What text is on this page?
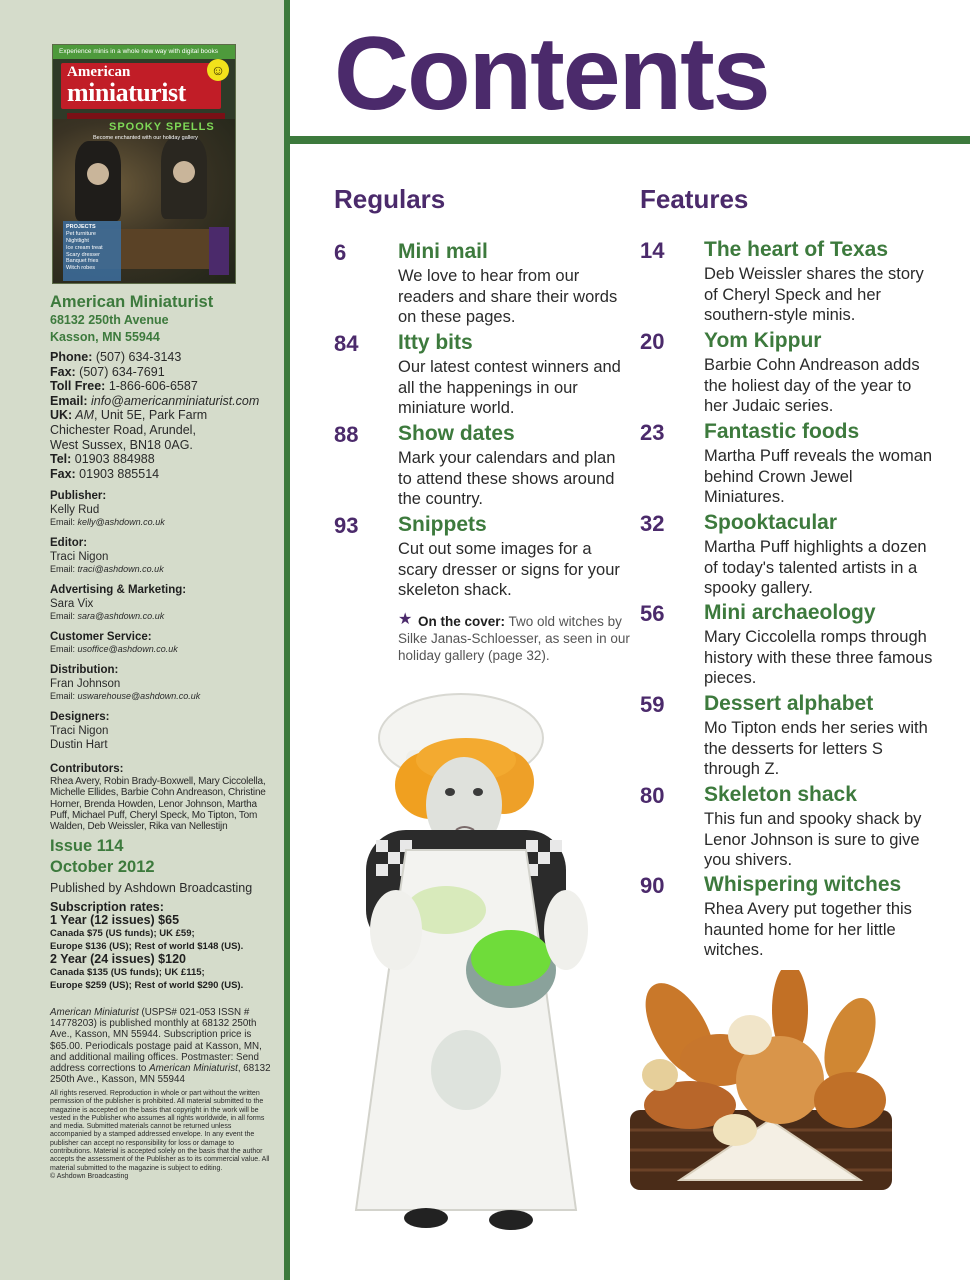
Experience minis in a whole new way with digital books
American
miniaturist
☺
SPOOKY SPELLS
Become enchanted with our holiday gallery
PROJECTS
Pet furniture
Nightlight
Ice cream treat
Scary dresser
Banquet fries
Witch robes
American Miniaturist
68132 250th Avenue
Kasson, MN 55944
Phone: (507) 634-3143
Fax: (507) 634-7691
Toll Free: 1-866-606-6587
Email: info@americanminiaturist.com
UK: AM, Unit 5E, Park Farm
Chichester Road, Arundel,
West Sussex, BN18 0AG.
Tel: 01903 884988
Fax: 01903 885514
Publisher:
Kelly Rud
Email: kelly@ashdown.co.uk
Editor:
Traci Nigon
Email: traci@ashdown.co.uk
Advertising & Marketing:
Sara Vix
Email: sara@ashdown.co.uk
Customer Service:
Email: usoffice@ashdown.co.uk
Distribution:
Fran Johnson
Email: uswarehouse@ashdown.co.uk
Designers:
Traci Nigon
Dustin Hart
Contributors:
Rhea Avery, Robin Brady-Boxwell, Mary Ciccolella, Michelle Ellides, Barbie Cohn Andreason, Christine Horner, Brenda Howden, Lenor Johnson, Martha Puff, Michael Puff, Cheryl Speck, Mo Tipton, Tom Walden, Deb Weissler, Rika van Nellestijn
Issue 114
October 2012
Published by Ashdown Broadcasting
Subscription rates:
1 Year (12 issues) $65
Canada $75 (US funds); UK £59;
Europe $136 (US); Rest of world $148 (US).
2 Year (24 issues) $120
Canada $135 (US funds); UK £115;
Europe $259 (US); Rest of world $290 (US).
American Miniaturist (USPS# 021-053 ISSN # 14778203) is published monthly at 68132 250th Ave., Kasson, MN 55944. Subscription price is $65.00. Periodicals postage paid at Kasson, MN, and additional mailing offices. Postmaster: Send address corrections to American Miniaturist, 68132 250th Ave., Kasson, MN 55944
All rights reserved. Reproduction in whole or part without the written permission of the publisher is prohibited. All material submitted to the magazine is accepted on the basis that copyright in the work will be vested in the Publisher who assumes all rights worldwide, in all forms and media. Submitted materials cannot be returned unless accompanied by a stamped addressed envelope. In any event the publisher can accept no responsibility for loss or damage to contributions. Material is accepted solely on the basis that the author accepts the assessment of the Publisher as to its commercial value. All material submitted to the magazine is subject to editing.
© Ashdown Broadcasting
Contents
Regulars	Features
6 Mini mail
We love to hear from our readers and share their words on these pages.
84 Itty bits
Our latest contest winners and all the happenings in our miniature world.
88 Show dates
Mark your calendars and plan to attend these shows around the country.
93 Snippets
Cut out some images for a scary dresser or signs for your skeleton shack.
★ On the cover: Two old witches by Silke Janas-Schloesser, as seen in our holiday gallery (page 32).

14 The heart of Texas
Deb Weissler shares the story of Cheryl Speck and her southern-style minis.
20 Yom Kippur
Barbie Cohn Andreason adds the holiest day of the year to her Judaic series.
23 Fantastic foods
Martha Puff reveals the woman behind Crown Jewel Miniatures.
32 Spooktacular
Martha Puff highlights a dozen of today's talented artists in a spooky gallery.
56 Mini archaeology
Mary Ciccolella romps through history with these three famous pieces.
59 Dessert alphabet
Mo Tipton ends her series with the desserts for letters S through Z.
80 Skeleton shack
This fun and spooky shack by Lenor Johnson is sure to give you shivers.
90 Whispering witches
Rhea Avery put together this haunted home for her little witches.
